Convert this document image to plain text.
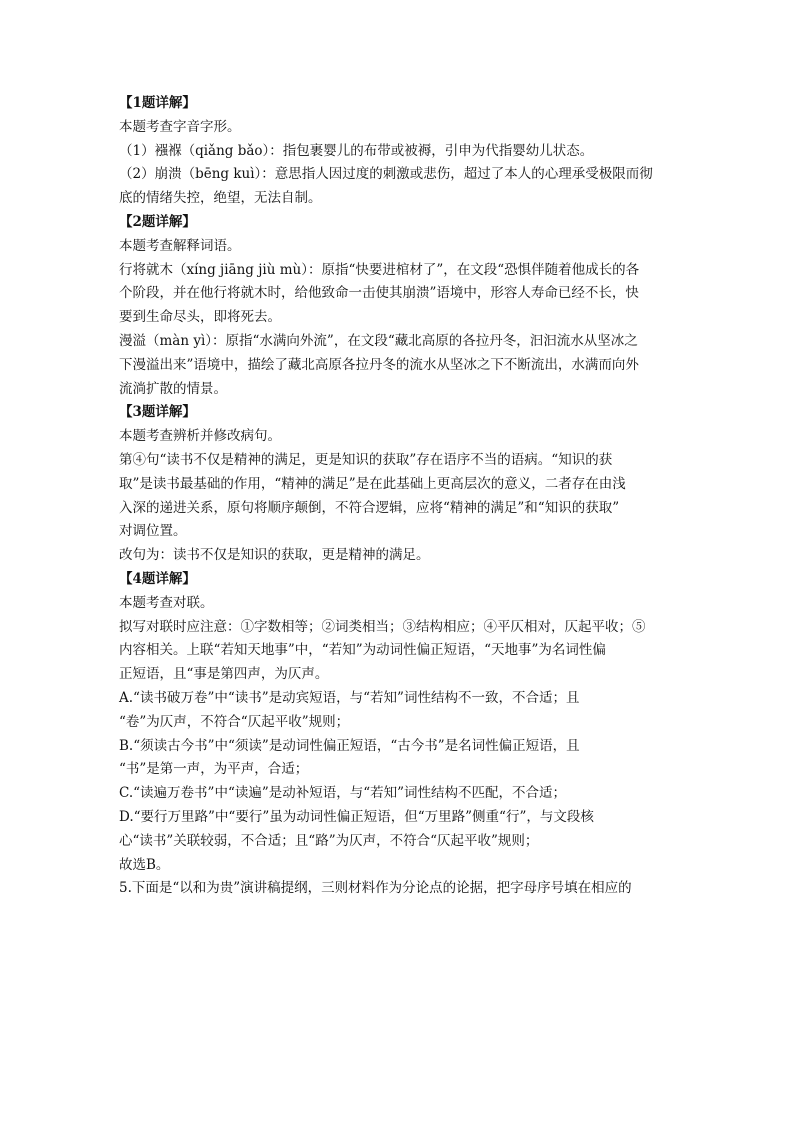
【1题详解】
本题考查字音字形。
（1）襁褓（qiǎng bǎo）：指包裹婴儿的布带或被褥，引申为代指婴幼儿状态。
（2）崩溃（bēng kuì）：意思指人因过度的刺激或悲伤，超过了本人的心理承受极限而彻
底的情绪失控，绝望，无法自制。
【2题详解】
本题考查解释词语。
行将就木（xíng jiāng jiù mù）：原指“快要进棺材了”，在文段“恐惧伴随着他成长的各
个阶段，并在他行将就木时，给他致命一击使其崩溃”语境中，形容人寿命已经不长，快
要到生命尽头，即将死去。
漫溢（màn yì）：原指“水满向外流”，在文段“藏北高原的各拉丹冬，汩汩流水从坚冰之
下漫溢出来”语境中，描绘了藏北高原各拉丹冬的流水从坚冰之下不断流出，水满而向外
流淌扩散的情景。
【3题详解】
本题考查辨析并修改病句。
第④句“读书不仅是精神的满足，更是知识的获取”存在语序不当的语病。“知识的获
取”是读书最基础的作用，“精神的满足”是在此基础上更高层次的意义，二者存在由浅
入深的递进关系，原句将顺序颠倒，不符合逻辑，应将“精神的满足”和“知识的获取”
对调位置。
改句为：读书不仅是知识的获取，更是精神的满足。
【4题详解】
本题考查对联。
拟写对联时应注意：①字数相等；②词类相当；③结构相应；④平仄相对，仄起平收；⑤
内容相关。上联“若知天地事”中，“若知”为动词性偏正短语，“天地事”为名词性偏
正短语，且“事是第四声，为仄声。
A.“读书破万卷”中“读书”是动宾短语，与“若知”词性结构不一致，不合适；且
“卷”为仄声，不符合“仄起平收”规则；
B.“须读古今书”中“须读”是动词性偏正短语，“古今书”是名词性偏正短语，且
“书”是第一声，为平声，合适；
C.“读遍万卷书”中“读遍”是动补短语，与“若知”词性结构不匹配，不合适；
D.“要行万里路”中“要行”虽为动词性偏正短语，但“万里路”侧重“行”，与文段核
心“读书”关联较弱，不合适；且“路”为仄声，不符合“仄起平收”规则；
故选B。
5.下面是“以和为贵”演讲稿提纲，三则材料作为分论点的论据，把字母序号填在相应的
